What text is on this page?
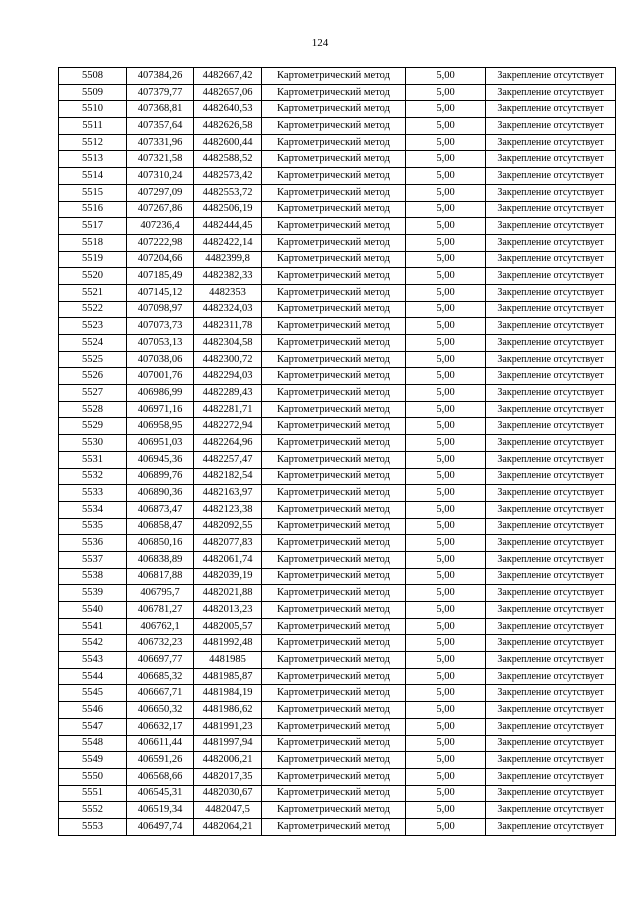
124
5508	407384,26	4482667,42	Картометрический метод	5,00	Закрепление отсутствует
5509	407379,77	4482657,06	Картометрический метод	5,00	Закрепление отсутствует
5510	407368,81	4482640,53	Картометрический метод	5,00	Закрепление отсутствует
5511	407357,64	4482626,58	Картометрический метод	5,00	Закрепление отсутствует
5512	407331,96	4482600,44	Картометрический метод	5,00	Закрепление отсутствует
5513	407321,58	4482588,52	Картометрический метод	5,00	Закрепление отсутствует
5514	407310,24	4482573,42	Картометрический метод	5,00	Закрепление отсутствует
5515	407297,09	4482553,72	Картометрический метод	5,00	Закрепление отсутствует
5516	407267,86	4482506,19	Картометрический метод	5,00	Закрепление отсутствует
5517	407236,4	4482444,45	Картометрический метод	5,00	Закрепление отсутствует
5518	407222,98	4482422,14	Картометрический метод	5,00	Закрепление отсутствует
5519	407204,66	4482399,8	Картометрический метод	5,00	Закрепление отсутствует
5520	407185,49	4482382,33	Картометрический метод	5,00	Закрепление отсутствует
5521	407145,12	4482353	Картометрический метод	5,00	Закрепление отсутствует
5522	407098,97	4482324,03	Картометрический метод	5,00	Закрепление отсутствует
5523	407073,73	4482311,78	Картометрический метод	5,00	Закрепление отсутствует
5524	407053,13	4482304,58	Картометрический метод	5,00	Закрепление отсутствует
5525	407038,06	4482300,72	Картометрический метод	5,00	Закрепление отсутствует
5526	407001,76	4482294,03	Картометрический метод	5,00	Закрепление отсутствует
5527	406986,99	4482289,43	Картометрический метод	5,00	Закрепление отсутствует
5528	406971,16	4482281,71	Картометрический метод	5,00	Закрепление отсутствует
5529	406958,95	4482272,94	Картометрический метод	5,00	Закрепление отсутствует
5530	406951,03	4482264,96	Картометрический метод	5,00	Закрепление отсутствует
5531	406945,36	4482257,47	Картометрический метод	5,00	Закрепление отсутствует
5532	406899,76	4482182,54	Картометрический метод	5,00	Закрепление отсутствует
5533	406890,36	4482163,97	Картометрический метод	5,00	Закрепление отсутствует
5534	406873,47	4482123,38	Картометрический метод	5,00	Закрепление отсутствует
5535	406858,47	4482092,55	Картометрический метод	5,00	Закрепление отсутствует
5536	406850,16	4482077,83	Картометрический метод	5,00	Закрепление отсутствует
5537	406838,89	4482061,74	Картометрический метод	5,00	Закрепление отсутствует
5538	406817,88	4482039,19	Картометрический метод	5,00	Закрепление отсутствует
5539	406795,7	4482021,88	Картометрический метод	5,00	Закрепление отсутствует
5540	406781,27	4482013,23	Картометрический метод	5,00	Закрепление отсутствует
5541	406762,1	4482005,57	Картометрический метод	5,00	Закрепление отсутствует
5542	406732,23	4481992,48	Картометрический метод	5,00	Закрепление отсутствует
5543	406697,77	4481985	Картометрический метод	5,00	Закрепление отсутствует
5544	406685,32	4481985,87	Картометрический метод	5,00	Закрепление отсутствует
5545	406667,71	4481984,19	Картометрический метод	5,00	Закрепление отсутствует
5546	406650,32	4481986,62	Картометрический метод	5,00	Закрепление отсутствует
5547	406632,17	4481991,23	Картометрический метод	5,00	Закрепление отсутствует
5548	406611,44	4481997,94	Картометрический метод	5,00	Закрепление отсутствует
5549	406591,26	4482006,21	Картометрический метод	5,00	Закрепление отсутствует
5550	406568,66	4482017,35	Картометрический метод	5,00	Закрепление отсутствует
5551	406545,31	4482030,67	Картометрический метод	5,00	Закрепление отсутствует
5552	406519,34	4482047,5	Картометрический метод	5,00	Закрепление отсутствует
5553	406497,74	4482064,21	Картометрический метод	5,00	Закрепление отсутствует
